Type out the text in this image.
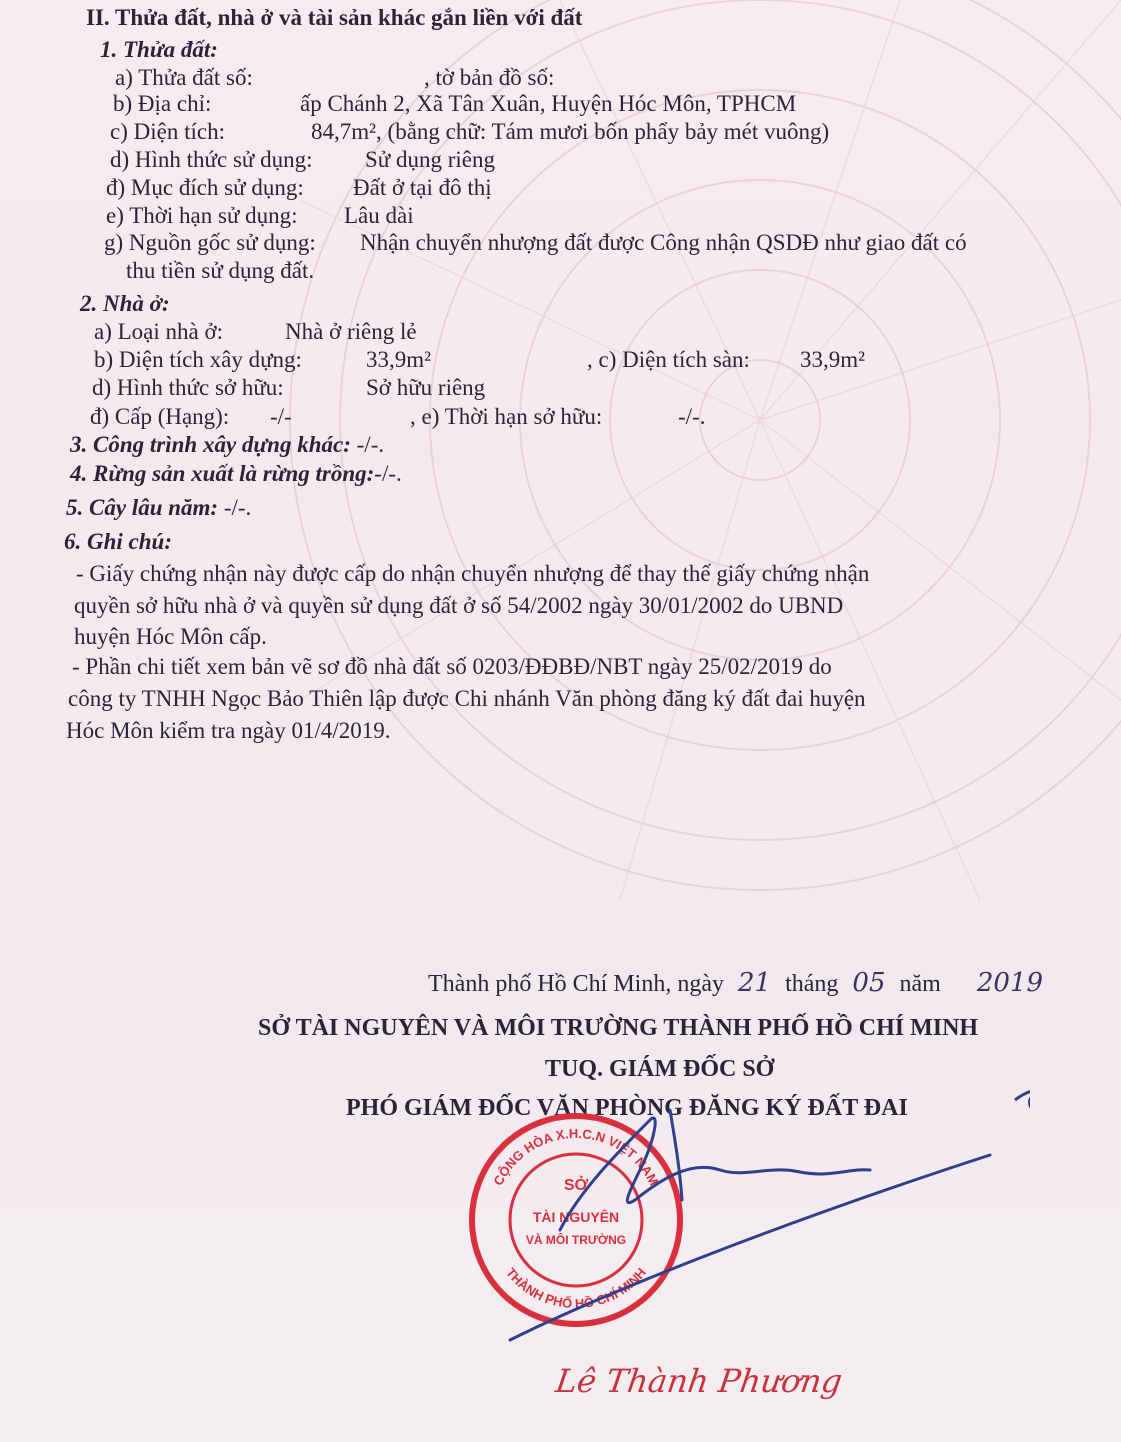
II. Thửa đất, nhà ở và tài sản khác gắn liền với đất
1. Thửa đất:
a) Thửa đất số:	, tờ bản đồ số:
b) Địa chỉ:	ấp Chánh 2, Xã Tân Xuân, Huyện Hóc Môn, TPHCM
c) Diện tích:	84,7m², (bằng chữ: Tám mươi bốn phẩy bảy mét vuông)
d) Hình thức sử dụng: Sử dụng riêng
đ) Mục đích sử dụng: Đất ở tại đô thị
e) Thời hạn sử dụng: Lâu dài
g) Nguồn gốc sử dụng: Nhận chuyển nhượng đất được Công nhận QSDĐ như giao đất có
thu tiền sử dụng đất.
2. Nhà ở:
a) Loại nhà ở:	Nhà ở riêng lẻ
b) Diện tích xây dựng:	33,9m²	, c) Diện tích sàn: 33,9m²
d) Hình thức sở hữu:	Sở hữu riêng
đ) Cấp (Hạng): -/-	, e) Thời hạn sở hữu:	-/-.
3. Công trình xây dựng khác: -/-.
4. Rừng sản xuất là rừng trồng:-/-.
5. Cây lâu năm: -/-.
6. Ghi chú:
- Giấy chứng nhận này được cấp do nhận chuyển nhượng để thay thế giấy chứng nhận
quyền sở hữu nhà ở và quyền sử dụng đất ở số 54/2002 ngày 30/01/2002 do UBND
huyện Hóc Môn cấp.
- Phần chi tiết xem bản vẽ sơ đồ nhà đất số 0203/ĐĐBĐ/NBT ngày 25/02/2019 do
công ty TNHH Ngọc Bảo Thiên lập được Chi nhánh Văn phòng đăng ký đất đai huyện
Hóc Môn kiểm tra ngày 01/4/2019.
Thành phố Hồ Chí Minh, ngày 21 tháng 05 năm 2019
SỞ TÀI NGUYÊN VÀ MÔI TRƯỜNG THÀNH PHỐ HỒ CHÍ MINH
TUQ. GIÁM ĐỐC SỞ
PHÓ GIÁM ĐỐC VĂN PHÒNG ĐĂNG KÝ ĐẤT ĐAI
CỘNG HÒA X.H.C.N VIỆT NAM
THÀNH PHỐ HỒ CHÍ MINH
SỞ
TÀI NGUYÊN
VÀ MÔI TRƯỜNG
Lê Thành Phương
